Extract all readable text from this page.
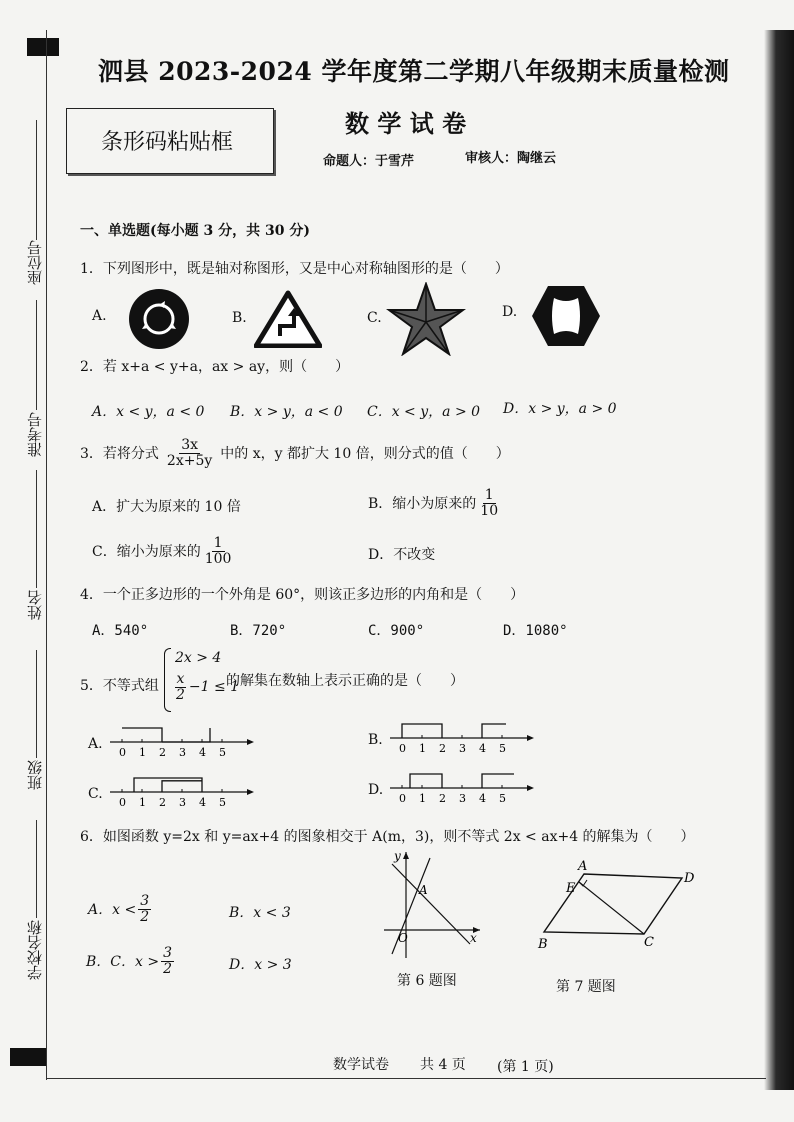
座位号
准考号
姓名
班级
学校名称
泗县 2023-2024 学年度第二学期八年级期末质量检测
条形码粘贴框
数 学 试 卷
命题人：于雪芹	审核人：陶继云
一、单选题(每小题 3 分，共 30 分)
1．下列图形中，既是轴对称图形，又是中心对称轴图形的是（　　）
A.	B.	C.	D.
2．若 x+a < y+a，ax > ay，则（　　）
A．x < y，a < 0 B．x > y，a < 0 C．x < y，a > 0 D．x > y，a > 0
3．若将分式 $\frac{3x}{2x+5y}$ 中的 x，y 都扩大 10 倍，则分式的值（　　）
A．扩大为原来的 10 倍	B．缩小为原来的 $\frac{1}{10}$
C．缩小为原来的 $\frac{1}{100}$	D．不改变
4．一个正多边形的一个外角是 60°，则该正多边形的内角和是（　　）
A．540°	B．720°	C．900°	D．1080°
5．不等式组
2x > 4
$\frac{x}{2} -1 \le 1$
的解集在数轴上表示正确的是（　　）
A.
0 1 2 3 4 5
B.
0 1 2 3 4 5
C.
0 1 2 3 4 5
D.
0 1 2 3 4 5
6．如图函数 y=2x 和 y=ax+4 的图象相交于 A(m，3)，则不等式 2x < ax+4 的解集为（　　）
A．$x < \frac{3}{2}$	B．x < 3
B．C．$x > \frac{3}{2}$	D．x > 3
y
x
A
O
第 6 题图
A
D
E
B	C
第 7 题图
数学试卷 共 4 页 (第 1 页)
